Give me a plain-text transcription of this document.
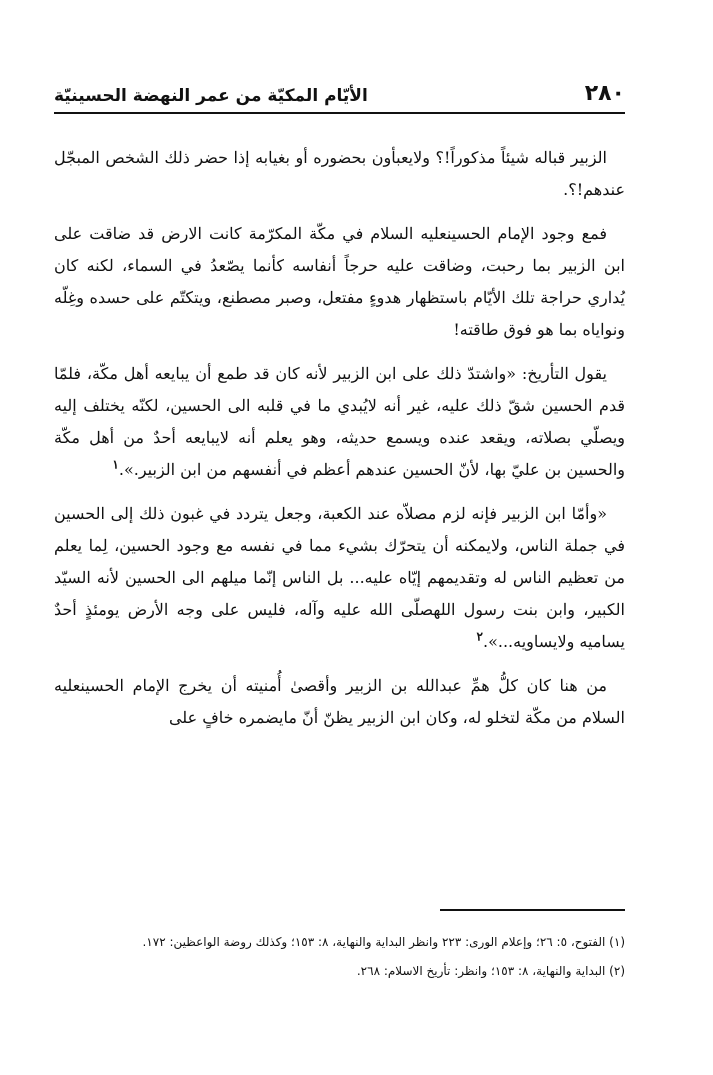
٢٨٠
الأيّام المكيّة من عمر النهضة الحسينيّة

الزبير قباله شيئاً مذكوراً!؟ ولايعبأون بحضوره أو بغيابه إذا حضر ذلك الشخص المبجّل عندهم!؟.

فمع وجود الإمام الحسينعليه السلام في مكّة المكرّمة كانت الارض قد ضاقت على ابن الزبير بما رحبت، وضاقت عليه حرجاً أنفاسه كأنما يصّعدُ في السماء، لكنه كان يُداري حراجة تلك الأيّام باستظهار هدوءٍ مفتعل، وصبر مصطنع، ويتكتّم على حسده وغِلّه ونواياه بما هو فوق طاقته!

يقول التأريخ: «واشتدّ ذلك على ابن الزبير لأنه كان قد طمع أن يبايعه أهل مكّة، فلمّا قدم الحسين شقّ ذلك عليه، غير أنه لايُبدي ما في قلبه الى الحسين، لكنّه يختلف إليه ويصلّي بصلاته، ويقعد عنده ويسمع حديثه، وهو يعلم أنه لايبايعه أحدٌ من أهل مكّة والحسين بن عليّ بها، لأنّ الحسين عندهم أعظم في أنفسهم من ابن الزبير.».$^١$

«وأمّا ابن الزبير فإنه لزم مصلاّه عند الكعبة، وجعل يتردد في غبون ذلك إلى الحسين في جملة الناس، ولايمكنه أن يتحرّك بشيء مما في نفسه مع وجود الحسين، لِما يعلم من تعظيم الناس له وتقديمهم إيّاه عليه... بل الناس إنّما ميلهم الى الحسين لأنه السيّد الكبير، وابن بنت رسول اللهصلّى الله عليه وآله، فليس على وجه الأرض يومئذٍ أحدٌ يساميه ولايساويه...».$^٢$

من هنا كان كلُّ همِّ عبدالله بن الزبير وأقصىٰ أُمنيته أن يخرج الإمام الحسينعليه السلام من مكّة لتخلو له، وكان ابن الزبير يظنّ أنّ مايضمره خافٍ على

(١) الفتوح، ٥: ٢٦؛ وإعلام الورى: ٢٢٣ وانظر البداية والنهاية، ٨: ١٥٣؛ وكذلك روضة الواعظين: ١٧٢.

(٢) البداية والنهاية، ٨: ١٥٣؛ وانظر: تأريخ الاسلام: ٢٦٨.
